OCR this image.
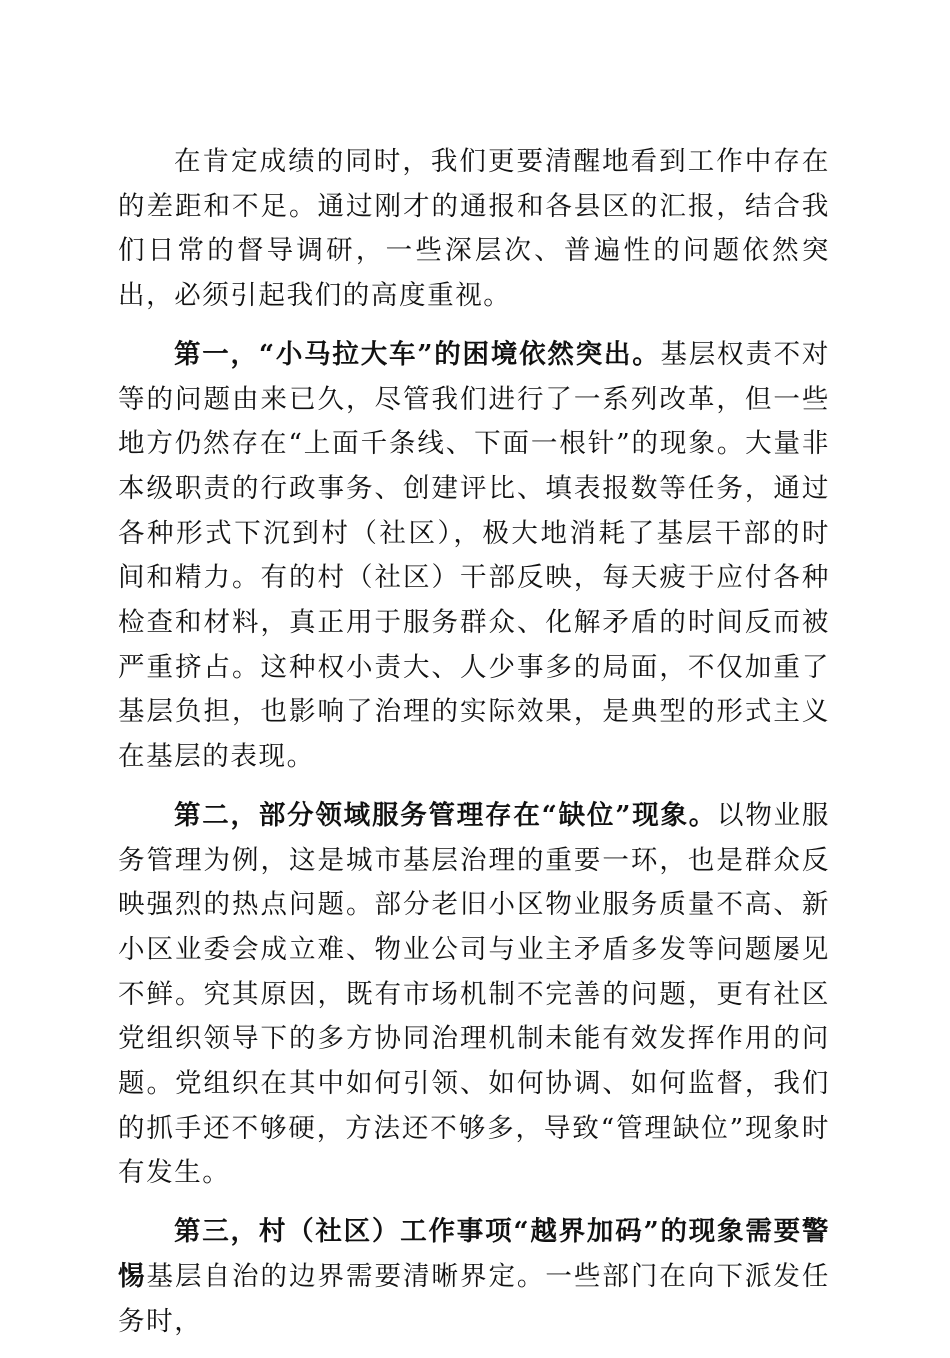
在肯定成绩的同时，我们更要清醒地看到工作中存在的差距和不足。通过刚才的通报和各县区的汇报，结合我们日常的督导调研，一些深层次、普遍性的问题依然突出，必须引起我们的高度重视。

第一，“小马拉大车”的困境依然突出。基层权责不对等的问题由来已久，尽管我们进行了一系列改革，但一些地方仍然存在“上面千条线、下面一根针”的现象。大量非本级职责的行政事务、创建评比、填表报数等任务，通过各种形式下沉到村（社区），极大地消耗了基层干部的时间和精力。有的村（社区）干部反映，每天疲于应付各种检查和材料，真正用于服务群众、化解矛盾的时间反而被严重挤占。这种权小责大、人少事多的局面，不仅加重了基层负担，也影响了治理的实际效果，是典型的形式主义在基层的表现。

第二，部分领域服务管理存在“缺位”现象。以物业服务管理为例，这是城市基层治理的重要一环，也是群众反映强烈的热点问题。部分老旧小区物业服务质量不高、新小区业委会成立难、物业公司与业主矛盾多发等问题屡见不鲜。究其原因，既有市场机制不完善的问题，更有社区党组织领导下的多方协同治理机制未能有效发挥作用的问题。党组织在其中如何引领、如何协调、如何监督，我们的抓手还不够硬，方法还不够多，导致“管理缺位”现象时有发生。

第三，村（社区）工作事项“越界加码”的现象需要警惕基层自治的边界需要清晰界定。一些部门在向下派发任务时，
